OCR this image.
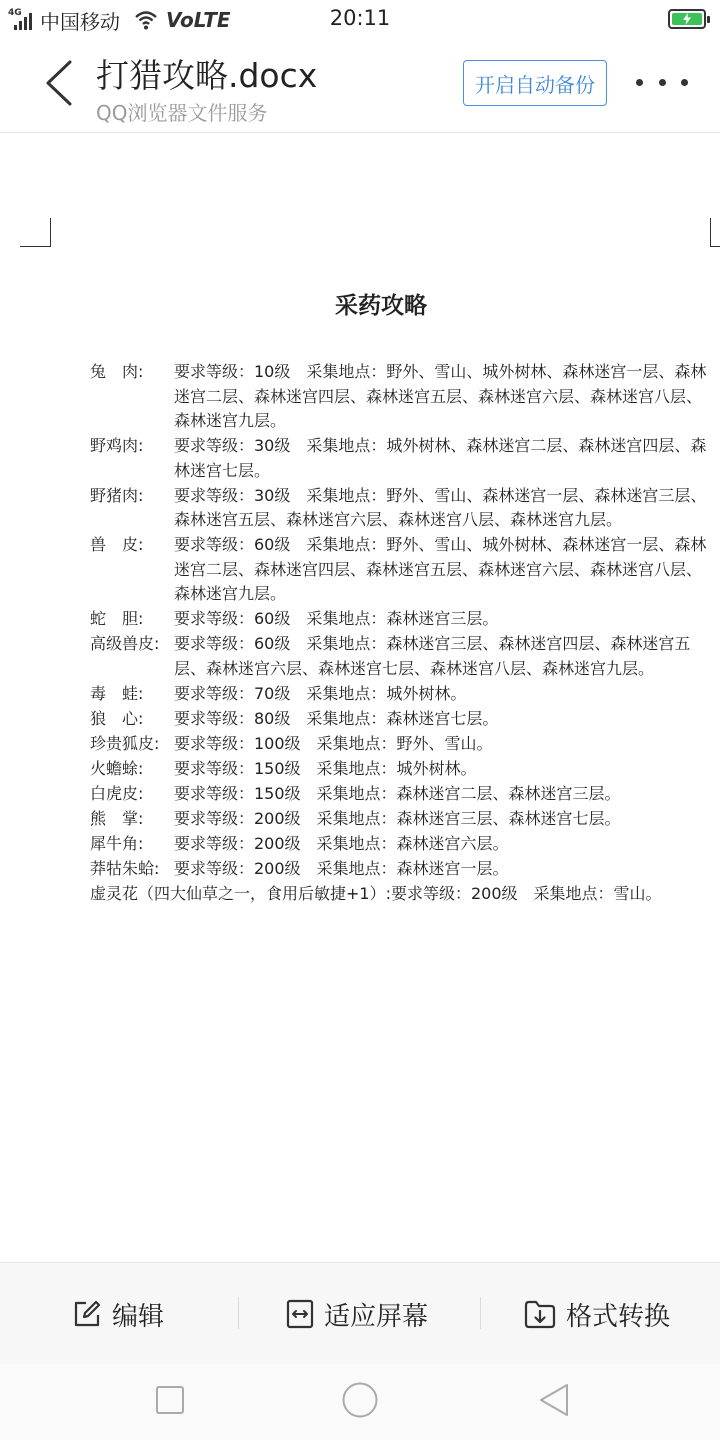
4G 中国移动 VoLTE	20:11
打猎攻略.docx
QQ浏览器文件服务
开启自动备份
采药攻略
兔　肉:	要求等级：10级　采集地点：野外、雪山、城外树林、森林迷宫一层、森林迷宫二层、森林迷宫四层、森林迷宫五层、森林迷宫六层、森林迷宫八层、森林迷宫九层。
野鸡肉:	要求等级：30级　采集地点：城外树林、森林迷宫二层、森林迷宫四层、森林迷宫七层。
野猪肉:	要求等级：30级　采集地点：野外、雪山、森林迷宫一层、森林迷宫三层、森林迷宫五层、森林迷宫六层、森林迷宫八层、森林迷宫九层。
兽　皮:	要求等级：60级　采集地点：野外、雪山、城外树林、森林迷宫一层、森林迷宫二层、森林迷宫四层、森林迷宫五层、森林迷宫六层、森林迷宫八层、森林迷宫九层。
蛇　胆:	要求等级：60级　采集地点：森林迷宫三层。
高级兽皮: 要求等级：60级　采集地点：森林迷宫三层、森林迷宫四层、森林迷宫五层、森林迷宫六层、森林迷宫七层、森林迷宫八层、森林迷宫九层。
毒　蛙:	要求等级：70级　采集地点：城外树林。
狼　心:	要求等级：80级　采集地点：森林迷宫七层。
珍贵狐皮: 要求等级：100级　采集地点：野外、雪山。
火蟾蜍:	要求等级：150级　采集地点：城外树林。
白虎皮:	要求等级：150级　采集地点：森林迷宫二层、森林迷宫三层。
熊　掌:	要求等级：200级　采集地点：森林迷宫三层、森林迷宫七层。
犀牛角:	要求等级：200级　采集地点：森林迷宫六层。
莽牯朱蛤: 要求等级：200级　采集地点：森林迷宫一层。
虚灵花（四大仙草之一，食用后敏捷+1）: 要求等级：200级　采集地点：雪山。
编辑	适应屏幕	格式转换
